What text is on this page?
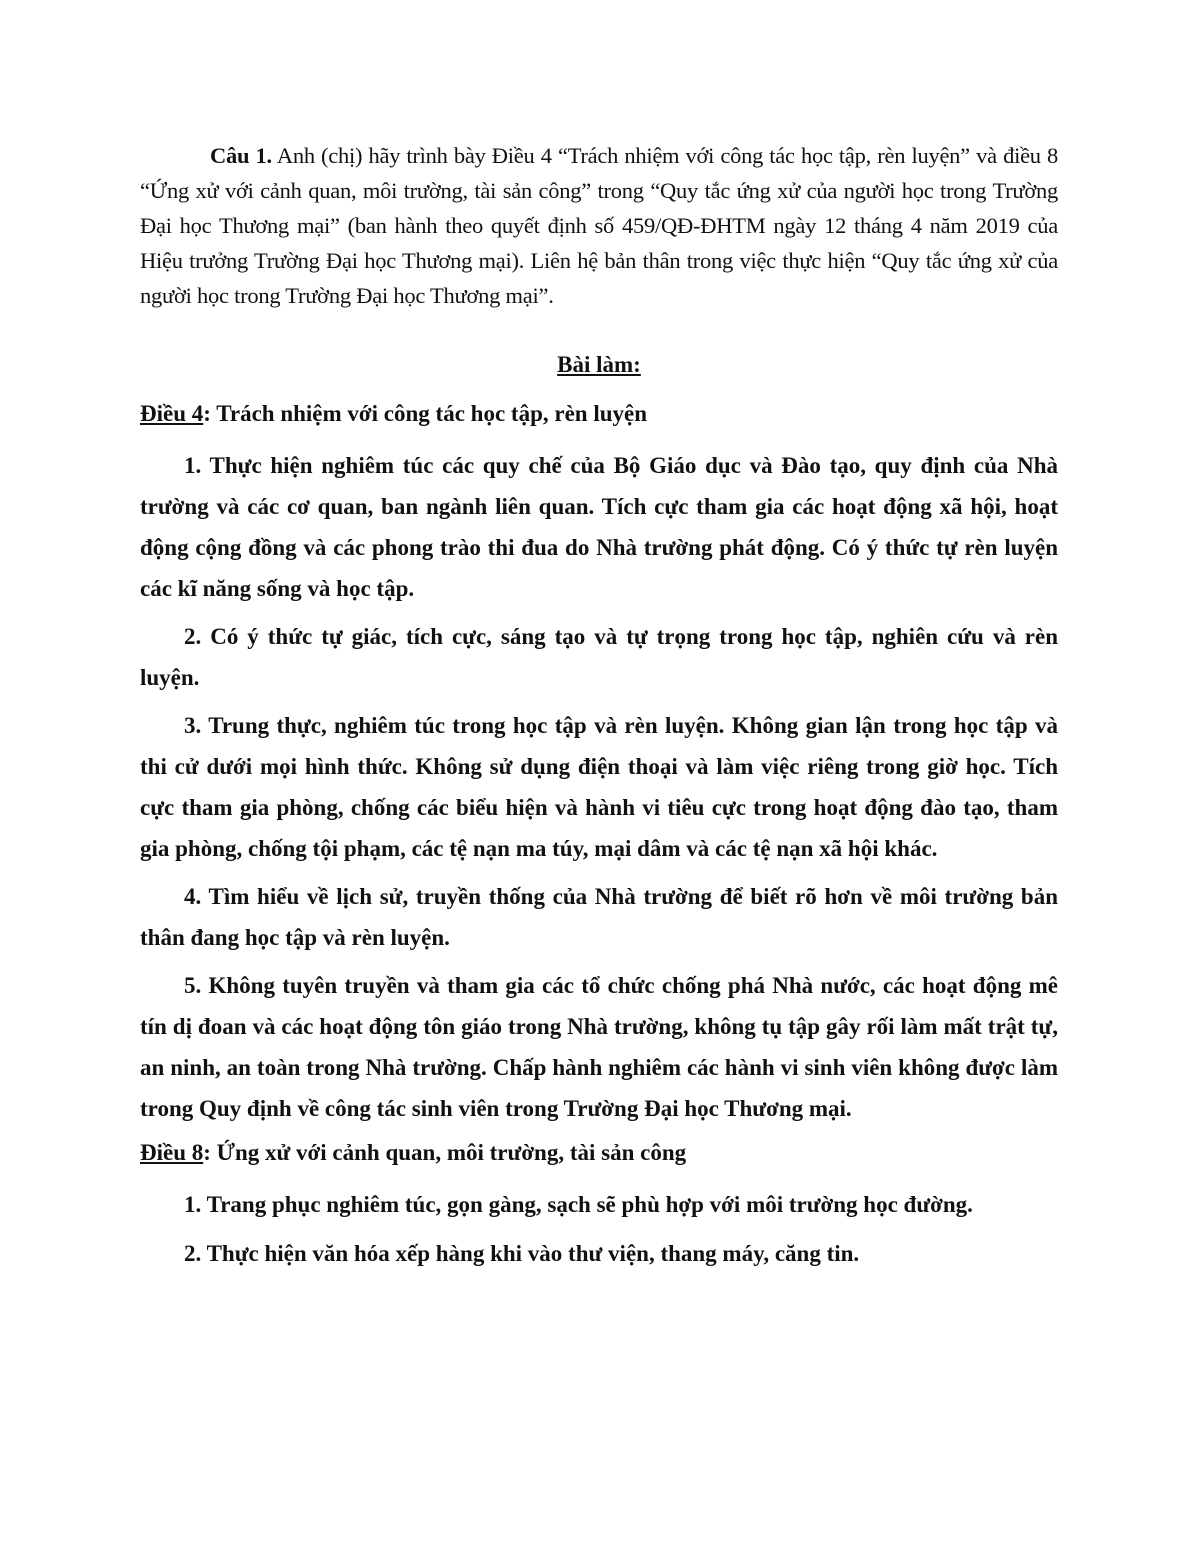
Câu 1. Anh (chị) hãy trình bày Điều 4 “Trách nhiệm với công tác học tập, rèn luyện” và điều 8 “Ứng xử với cảnh quan, môi trường, tài sản công” trong “Quy tắc ứng xử của người học trong Trường Đại học Thương mại” (ban hành theo quyết định số 459/QĐ-ĐHTM ngày 12 tháng 4 năm 2019 của Hiệu trưởng Trường Đại học Thương mại). Liên hệ bản thân trong việc thực hiện “Quy tắc ứng xử của người học trong Trường Đại học Thương mại”.

Bài làm:
Điều 4: Trách nhiệm với công tác học tập, rèn luyện

1. Thực hiện nghiêm túc các quy chế của Bộ Giáo dục và Đào tạo, quy định của Nhà trường và các cơ quan, ban ngành liên quan. Tích cực tham gia các hoạt động xã hội, hoạt động cộng đồng và các phong trào thi đua do Nhà trường phát động. Có ý thức tự rèn luyện các kĩ năng sống và học tập.

2. Có ý thức tự giác, tích cực, sáng tạo và tự trọng trong học tập, nghiên cứu và rèn luyện.

3. Trung thực, nghiêm túc trong học tập và rèn luyện. Không gian lận trong học tập và thi cử dưới mọi hình thức. Không sử dụng điện thoại và làm việc riêng trong giờ học. Tích cực tham gia phòng, chống các biểu hiện và hành vi tiêu cực trong hoạt động đào tạo, tham gia phòng, chống tội phạm, các tệ nạn ma túy, mại dâm và các tệ nạn xã hội khác.

4. Tìm hiểu về lịch sử, truyền thống của Nhà trường để biết rõ hơn về môi trường bản thân đang học tập và rèn luyện.

5. Không tuyên truyền và tham gia các tổ chức chống phá Nhà nước, các hoạt động mê tín dị đoan và các hoạt động tôn giáo trong Nhà trường, không tụ tập gây rối làm mất trật tự, an ninh, an toàn trong Nhà trường. Chấp hành nghiêm các hành vi sinh viên không được làm trong Quy định về công tác sinh viên trong Trường Đại học Thương mại.

Điều 8: Ứng xử với cảnh quan, môi trường, tài sản công

1. Trang phục nghiêm túc, gọn gàng, sạch sẽ phù hợp với môi trường học đường.

2. Thực hiện văn hóa xếp hàng khi vào thư viện, thang máy, căng tin.
